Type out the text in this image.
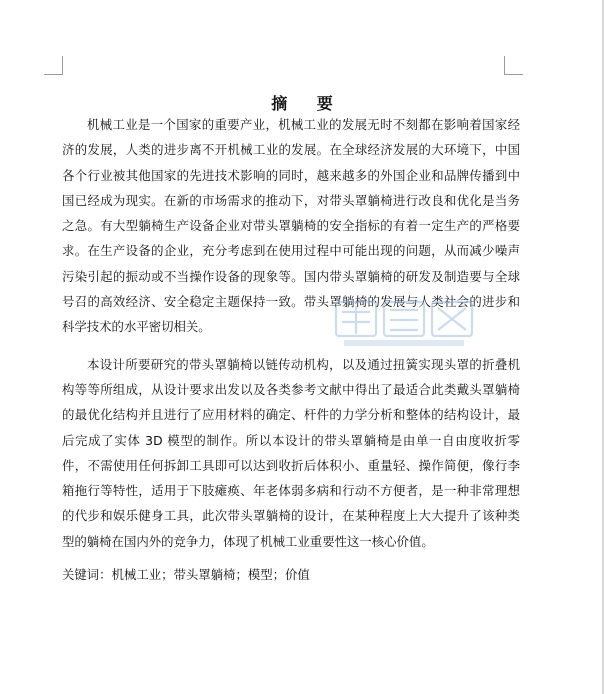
摘 要

机械工业是一个国家的重要产业，机械工业的发展无时不刻都在影响着国家经济的发展，人类的进步离不开机械工业的发展。在全球经济发展的大环境下，中国各个行业被其他国家的先进技术影响的同时，越来越多的外国企业和品牌传播到中国已经成为现实。在新的市场需求的推动下，对带头罩躺椅进行改良和优化是当务之急。有大型躺椅生产设备企业对带头罩躺椅的安全指标的有着一定生产的严格要求。在生产设备的企业，充分考虑到在使用过程中可能出现的问题，从而减少噪声污染引起的振动或不当操作设备的现象等。国内带头罩躺椅的研发及制造要与全球号召的高效经济、安全稳定主题保持一致。带头罩躺椅的发展与人类社会的进步和科学技术的水平密切相关。

本设计所要研究的带头罩躺椅以链传动机构，以及通过扭簧实现头罩的折叠机构等等所组成，从设计要求出发以及各类参考文献中得出了最适合此类戴头罩躺椅的最优化结构并且进行了应用材料的确定、杆件的力学分析和整体的结构设计，最后完成了实体 3D 模型的制作。所以本设计的带头罩躺椅是由单一自由度收折零件，不需使用任何拆卸工具即可以达到收折后体积小、重量轻、操作简便，像行李箱拖行等特性，适用于下肢瘫痪、年老体弱多病和行动不方便者，是一种非常理想的代步和娱乐健身工具，此次带头罩躺椅的设计，在某种程度上大大提升了该种类型的躺椅在国内外的竞争力，体现了机械工业重要性这一核心价值。

关键词：机械工业；带头罩躺椅；模型；价值
